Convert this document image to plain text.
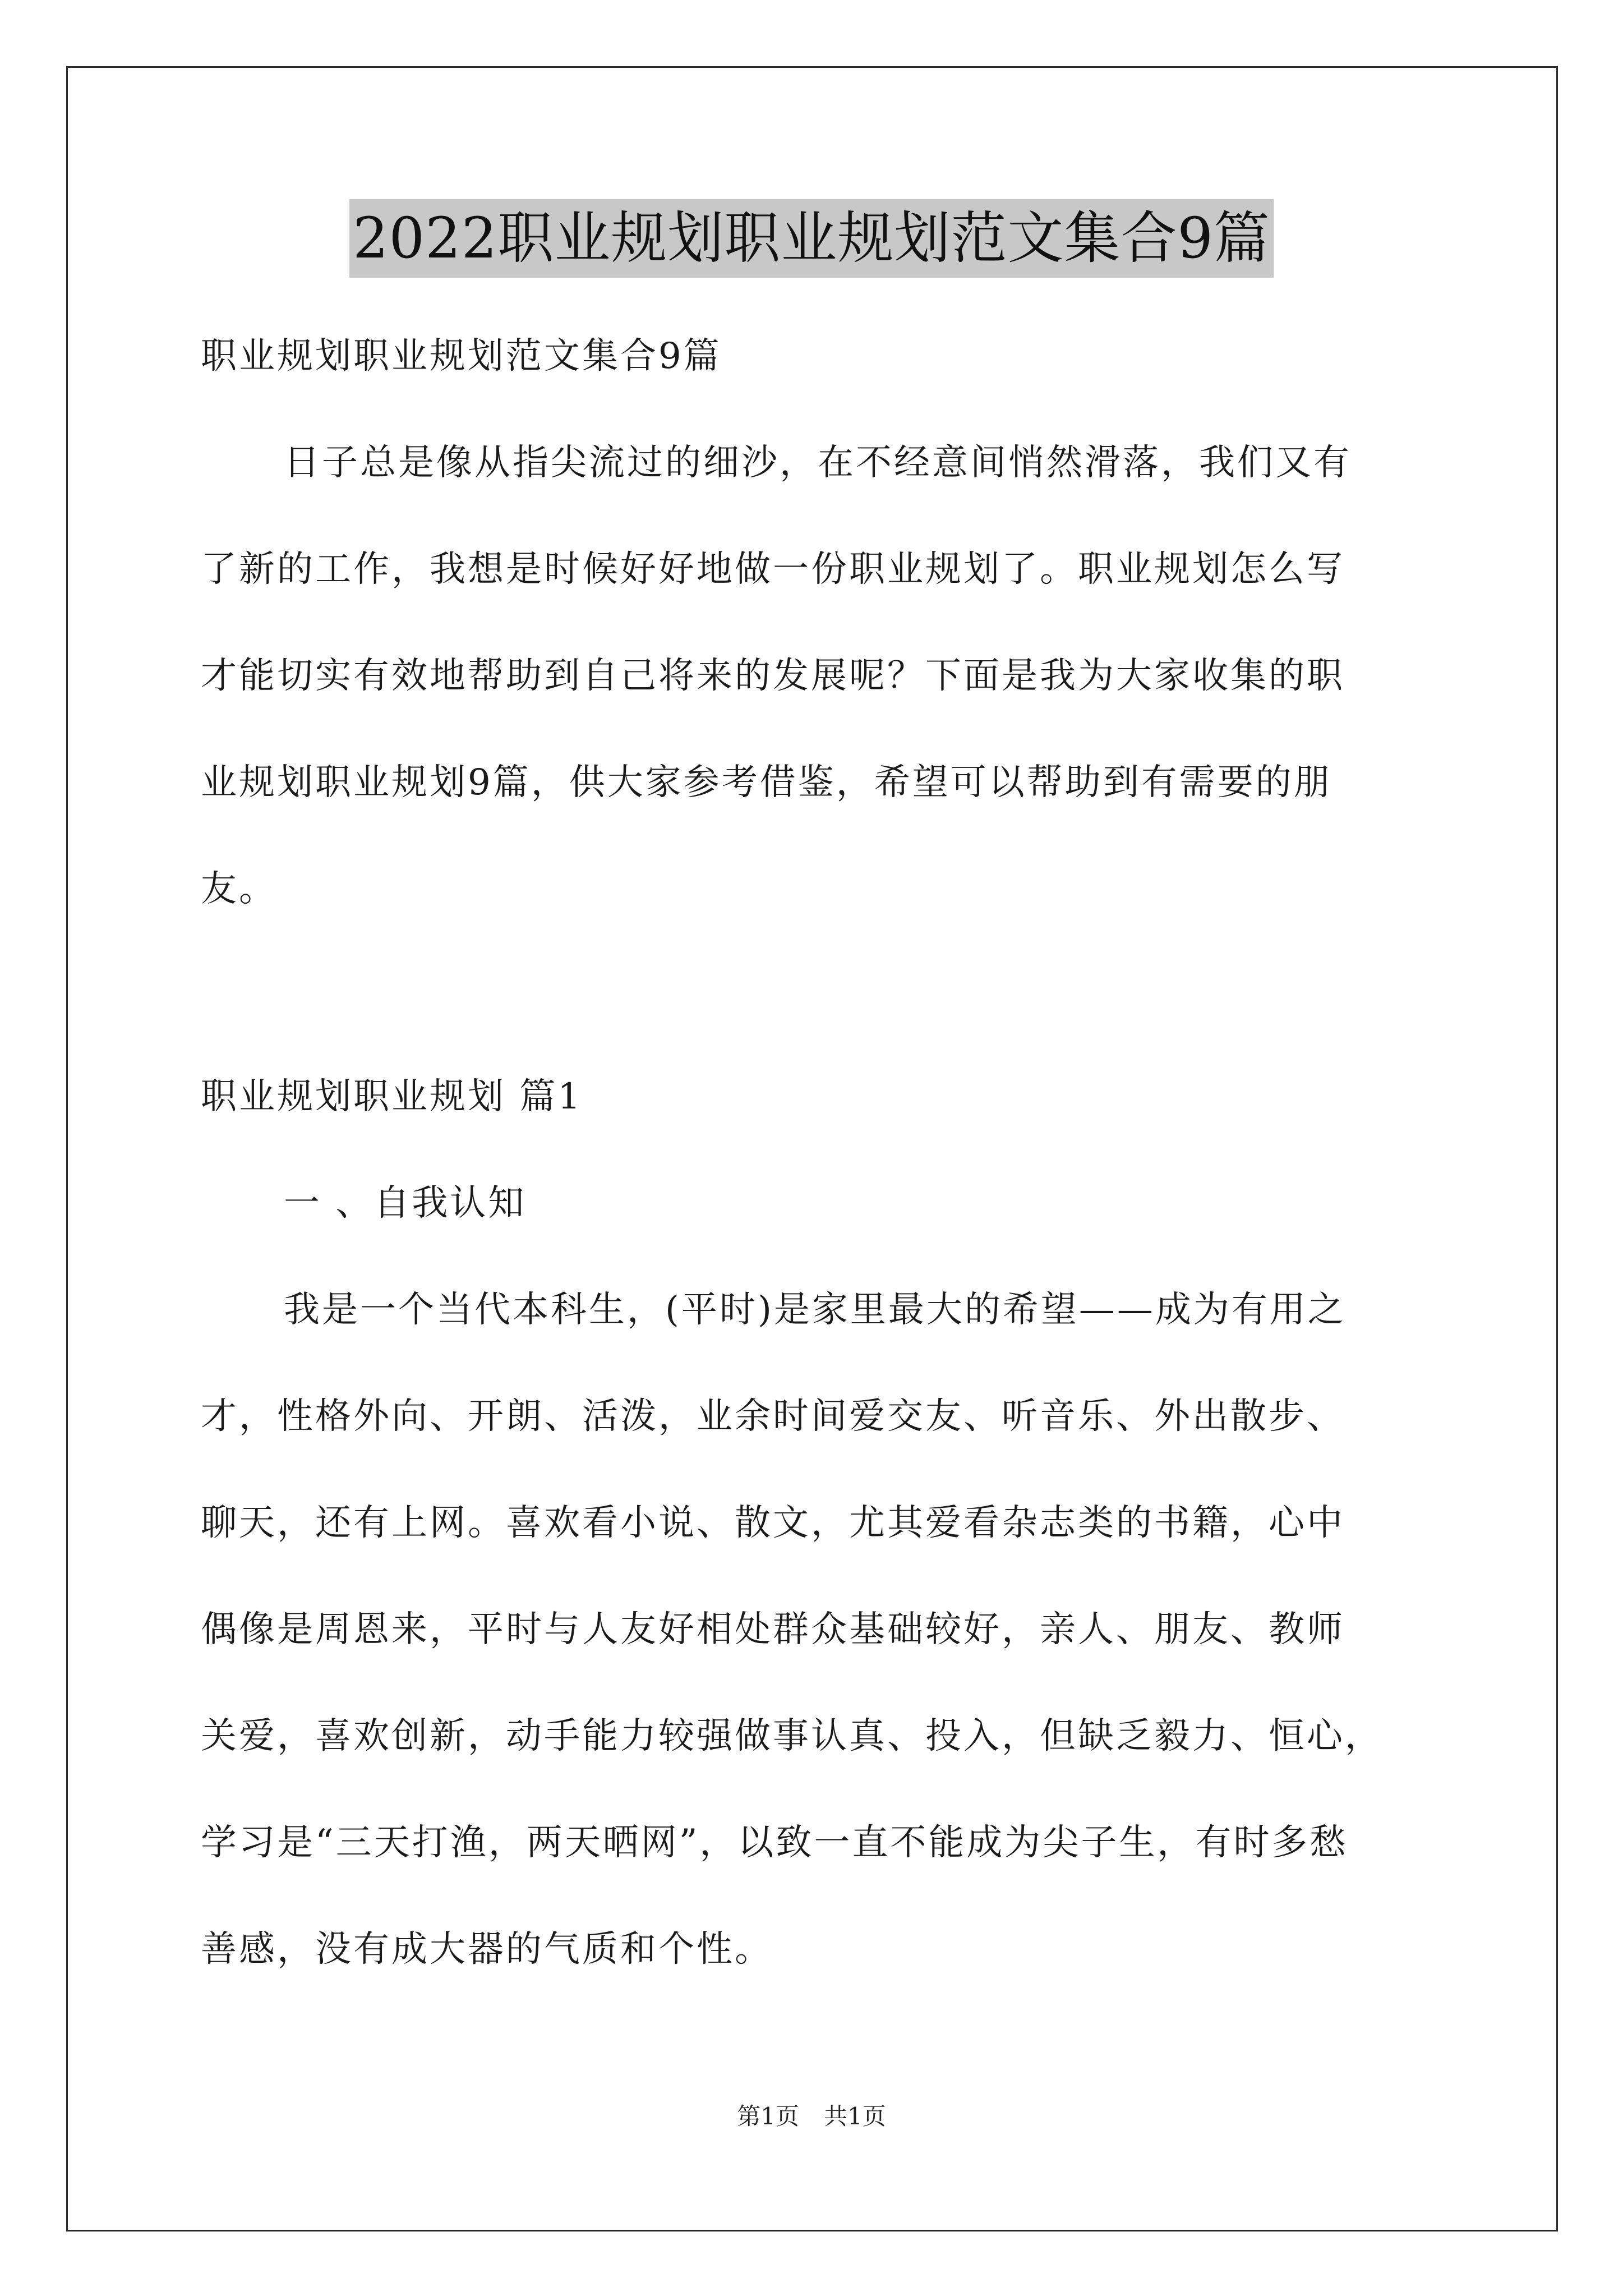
2022职业规划职业规划范文集合9篇

职业规划职业规划范文集合9篇

日子总是像从指尖流过的细沙，在不经意间悄然滑落，我们又有

了新的工作，我想是时候好好地做一份职业规划了。职业规划怎么写

才能切实有效地帮助到自己将来的发展呢？下面是我为大家收集的职

业规划职业规划9篇，供大家参考借鉴，希望可以帮助到有需要的朋

友。

职业规划职业规划 篇1

一 、自我认知

我是一个当代本科生，(平时)是家里最大的希望——成为有用之

才，性格外向、开朗、活泼，业余时间爱交友、听音乐、外出散步、

聊天，还有上网。喜欢看小说、散文，尤其爱看杂志类的书籍，心中

偶像是周恩来，平时与人友好相处群众基础较好，亲人、朋友、教师

关爱，喜欢创新，动手能力较强做事认真、投入，但缺乏毅力、恒心，

学习是“三天打渔，两天晒网”，以致一直不能成为尖子生，有时多愁

善感，没有成大器的气质和个性。

第1页 共1页
